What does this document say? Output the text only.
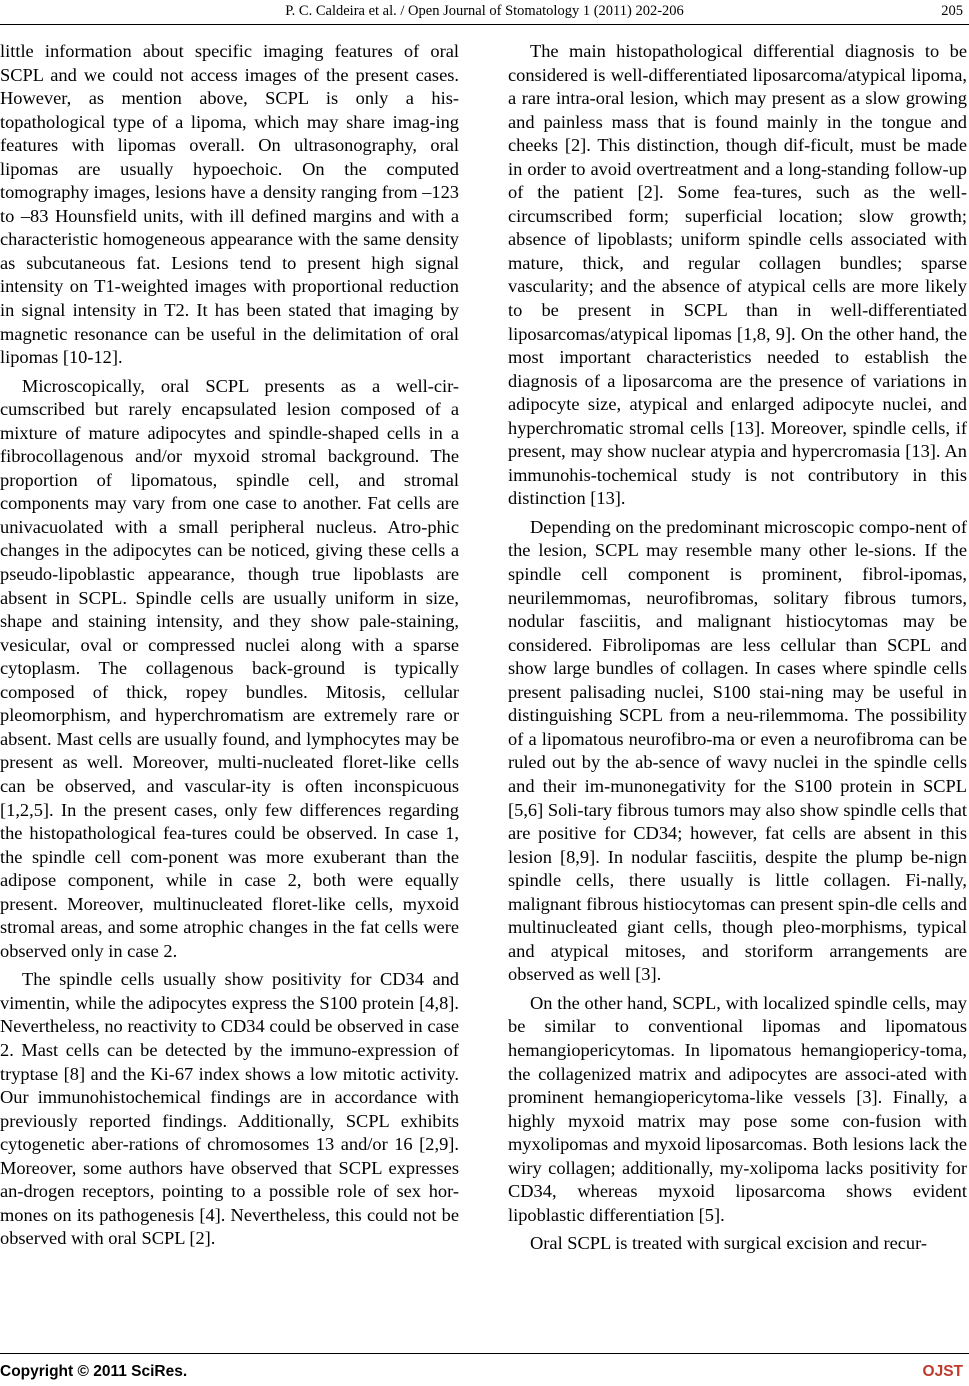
P. C. Caldeira et al. / Open Journal of Stomatology 1 (2011) 202-206	205

little information about specific imaging features of oral SCPL and we could not access images of the present cases. However, as mention above, SCPL is only a his-topathological type of a lipoma, which may share imag-ing features with lipomas overall. On ultrasonography, oral lipomas are usually hypoechoic. On the computed tomography images, lesions have a density ranging from –123 to –83 Hounsfield units, with ill defined margins and with a characteristic homogeneous appearance with the same density as subcutaneous fat. Lesions tend to present high signal intensity on T1-weighted images with proportional reduction in signal intensity in T2. It has been stated that imaging by magnetic resonance can be useful in the delimitation of oral lipomas [10-12].

Microscopically, oral SCPL presents as a well-cir-cumscribed but rarely encapsulated lesion composed of a mixture of mature adipocytes and spindle-shaped cells in a fibrocollagenous and/or myxoid stromal background. The proportion of lipomatous, spindle cell, and stromal components may vary from one case to another. Fat cells are univacuolated with a small peripheral nucleus. Atro-phic changes in the adipocytes can be noticed, giving these cells a pseudo-lipoblastic appearance, though true lipoblasts are absent in SCPL. Spindle cells are usually uniform in size, shape and staining intensity, and they show pale-staining, vesicular, oval or compressed nuclei along with a sparse cytoplasm. The collagenous back-ground is typically composed of thick, ropey bundles. Mitosis, cellular pleomorphism, and hyperchromatism are extremely rare or absent. Mast cells are usually found, and lymphocytes may be present as well. Moreover, multi-nucleated floret-like cells can be observed, and vascular-ity is often inconspicuous [1,2,5]. In the present cases, only few differences regarding the histopathological fea-tures could be observed. In case 1, the spindle cell com-ponent was more exuberant than the adipose component, while in case 2, both were equally present. Moreover, multinucleated floret-like cells, myxoid stromal areas, and some atrophic changes in the fat cells were observed only in case 2.

The spindle cells usually show positivity for CD34 and vimentin, while the adipocytes express the S100 protein [4,8]. Nevertheless, no reactivity to CD34 could be observed in case 2. Mast cells can be detected by the immuno-expression of tryptase [8] and the Ki-67 index shows a low mitotic activity. Our immunohistochemical findings are in accordance with previously reported findings. Additionally, SCPL exhibits cytogenetic aber-rations of chromosomes 13 and/or 16 [2,9]. Moreover, some authors have observed that SCPL expresses an-drogen receptors, pointing to a possible role of sex hor-mones on its pathogenesis [4]. Nevertheless, this could not be observed with oral SCPL [2].

The main histopathological differential diagnosis to be considered is well-differentiated liposarcoma/atypical lipoma, a rare intra-oral lesion, which may present as a slow growing and painless mass that is found mainly in the tongue and cheeks [2]. This distinction, though dif-ficult, must be made in order to avoid overtreatment and a long-standing follow-up of the patient [2]. Some fea-tures, such as the well-circumscribed form; superficial location; slow growth; absence of lipoblasts; uniform spindle cells associated with mature, thick, and regular collagen bundles; sparse vascularity; and the absence of atypical cells are more likely to be present in SCPL than in well-differentiated liposarcomas/atypical lipomas [1,8, 9]. On the other hand, the most important characteristics needed to establish the diagnosis of a liposarcoma are the presence of variations in adipocyte size, atypical and enlarged adipocyte nuclei, and hyperchromatic stromal cells [13]. Moreover, spindle cells, if present, may show nuclear atypia and hypercromasia [13]. An immunohis-tochemical study is not contributory in this distinction [13].

Depending on the predominant microscopic compo-nent of the lesion, SCPL may resemble many other le-sions. If the spindle cell component is prominent, fibrol-ipomas, neurilemmomas, neurofibromas, solitary fibrous tumors, nodular fasciitis, and malignant histiocytomas may be considered. Fibrolipomas are less cellular than SCPL and show large bundles of collagen. In cases where spindle cells present palisading nuclei, S100 stai-ning may be useful in distinguishing SCPL from a neu-rilemmoma. The possibility of a lipomatous neurofibro-ma or even a neurofibroma can be ruled out by the ab-sence of wavy nuclei in the spindle cells and their im-munonegativity for the S100 protein in SCPL [5,6] Soli-tary fibrous tumors may also show spindle cells that are positive for CD34; however, fat cells are absent in this lesion [8,9]. In nodular fasciitis, despite the plump be-nign spindle cells, there usually is little collagen. Fi-nally, malignant fibrous histiocytomas can present spin-dle cells and multinucleated giant cells, though pleo-morphisms, typical and atypical mitoses, and storiform arrangements are observed as well [3].

On the other hand, SCPL, with localized spindle cells, may be similar to conventional lipomas and lipomatous hemangiopericytomas. In lipomatous hemangiopericy-toma, the collagenized matrix and adipocytes are associ-ated with prominent hemangiopericytoma-like vessels [3]. Finally, a highly myxoid matrix may pose some con-fusion with myxolipomas and myxoid liposarcomas. Both lesions lack the wiry collagen; additionally, my-xolipoma lacks positivity for CD34, whereas myxoid liposarcoma shows evident lipoblastic differentiation [5].

Oral SCPL is treated with surgical excision and recur-

Copyright © 2011 SciRes.	OJST
